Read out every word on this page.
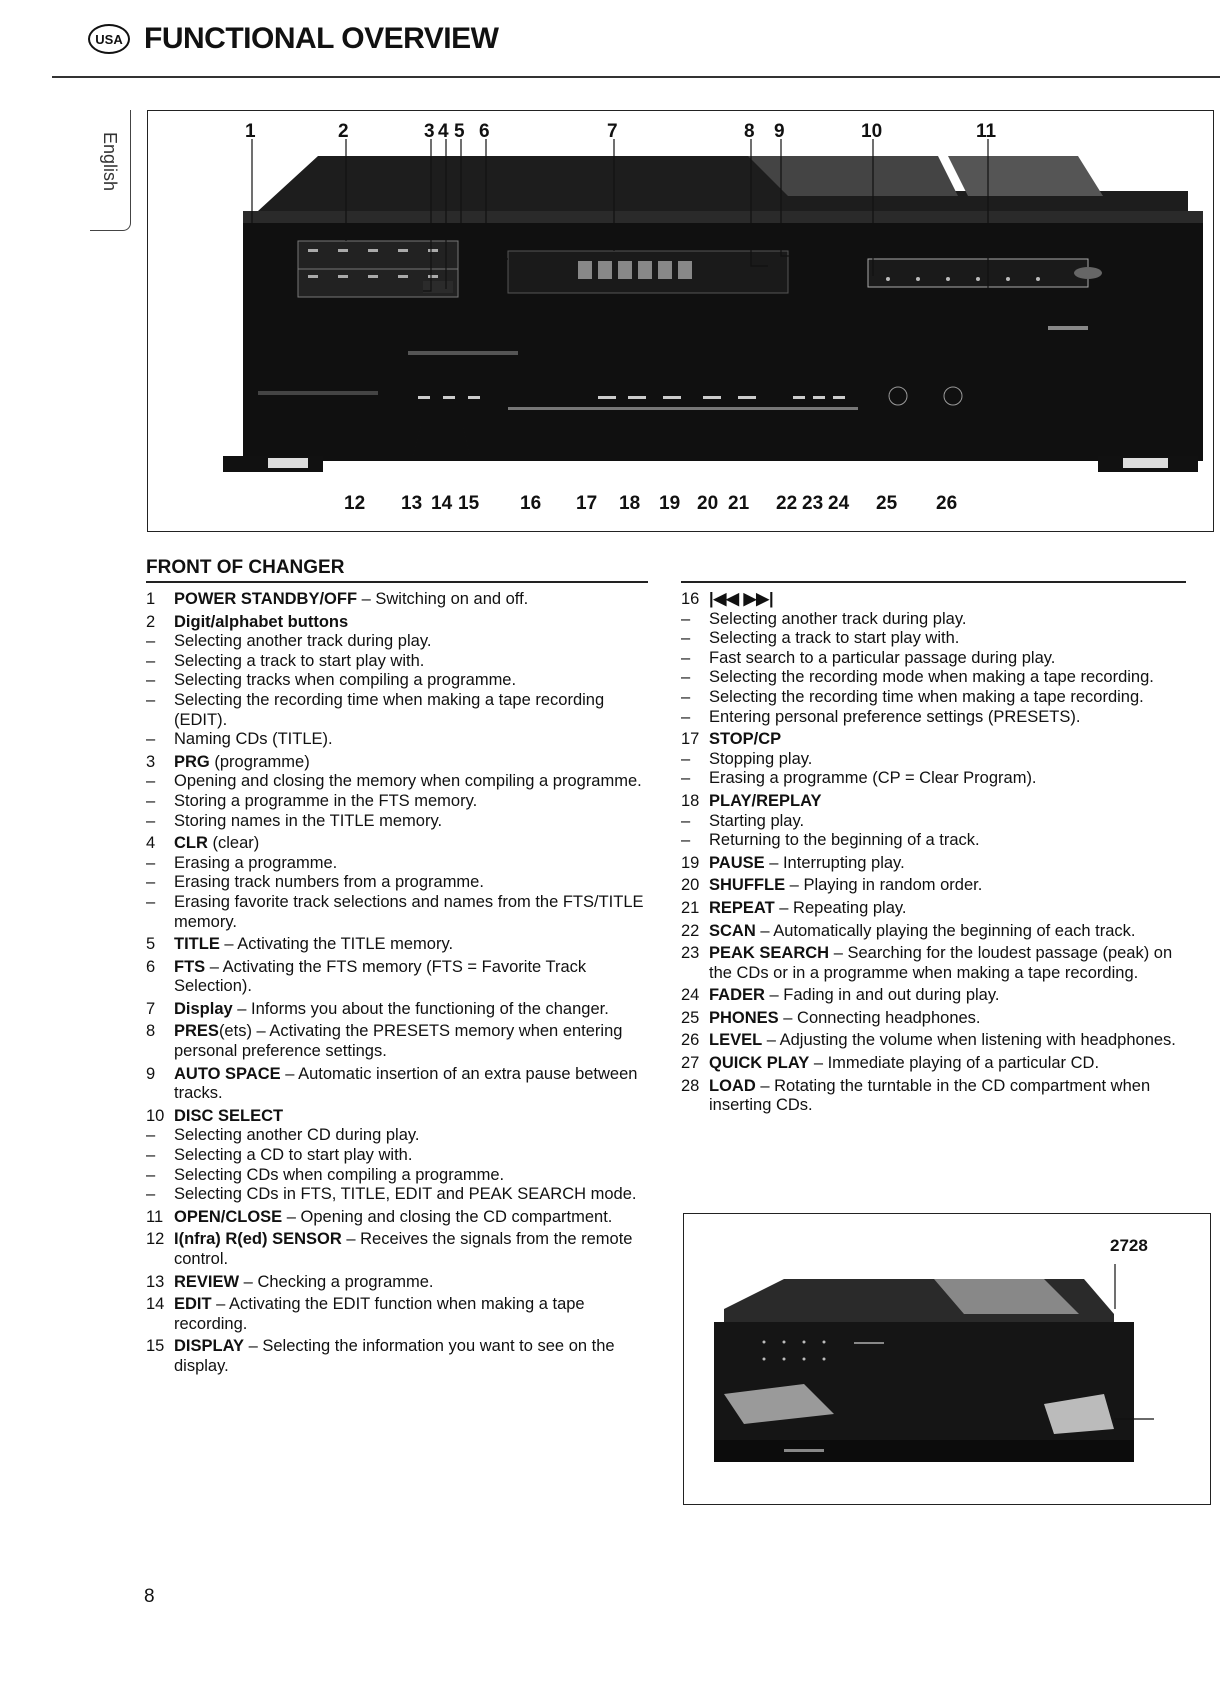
USA FUNCTIONAL OVERVIEW
English
1	2	3 4 5 6	7	8 9	10	11
12 13 14 15 16 17 18 19 20 21 22 23 24 25 26
FRONT OF CHANGER
1	POWER STANDBY/OFF – Switching on and off.
2	Digit/alphabet buttons
–	Selecting another track during play.
–	Selecting a track to start play with.
–	Selecting tracks when compiling a programme.
–	Selecting the recording time when making a tape recording (EDIT).
–	Naming CDs (TITLE).
3	PRG (programme)
–	Opening and closing the memory when compiling a programme.
–	Storing a programme in the FTS memory.
–	Storing names in the TITLE memory.
4	CLR (clear)
–	Erasing a programme.
–	Erasing track numbers from a programme.
–	Erasing favorite track selections and names from the FTS/TITLE memory.
5	TITLE – Activating the TITLE memory.
6	FTS – Activating the FTS memory (FTS = Favorite Track Selection).
7	Display – Informs you about the functioning of the changer.
8	PRES(ets) – Activating the PRESETS memory when entering personal preference settings.
9	AUTO SPACE – Automatic insertion of an extra pause between tracks.
10 DISC SELECT
–	Selecting another CD during play.
–	Selecting a CD to start play with.
–	Selecting CDs when compiling a programme.
–	Selecting CDs in FTS, TITLE, EDIT and PEAK SEARCH mode.
11 OPEN/CLOSE – Opening and closing the CD compartment.
12 I(nfra) R(ed) SENSOR – Receives the signals from the remote control.
13 REVIEW – Checking a programme.
14 EDIT – Activating the EDIT function when making a tape recording.
15 DISPLAY – Selecting the information you want to see on the display.
16 |◀◀ ▶▶|
–	Selecting another track during play.
–	Selecting a track to start play with.
–	Fast search to a particular passage during play.
–	Selecting the recording mode when making a tape recording.
–	Selecting the recording time when making a tape recording.
–	Entering personal preference settings (PRESETS).
17 STOP/CP
–	Stopping play.
–	Erasing a programme (CP = Clear Program).
18 PLAY/REPLAY
–	Starting play.
–	Returning to the beginning of a track.
19 PAUSE – Interrupting play.
20 SHUFFLE – Playing in random order.
21 REPEAT – Repeating play.
22 SCAN – Automatically playing the beginning of each track.
23 PEAK SEARCH – Searching for the loudest passage (peak) on the CDs or in a programme when making a tape recording.
24 FADER – Fading in and out during play.
25 PHONES – Connecting headphones.
26 LEVEL – Adjusting the volume when listening with headphones.
27 QUICK PLAY – Immediate playing of a particular CD.
28 LOAD – Rotating the turntable in the CD compartment when inserting CDs.
2728
8
